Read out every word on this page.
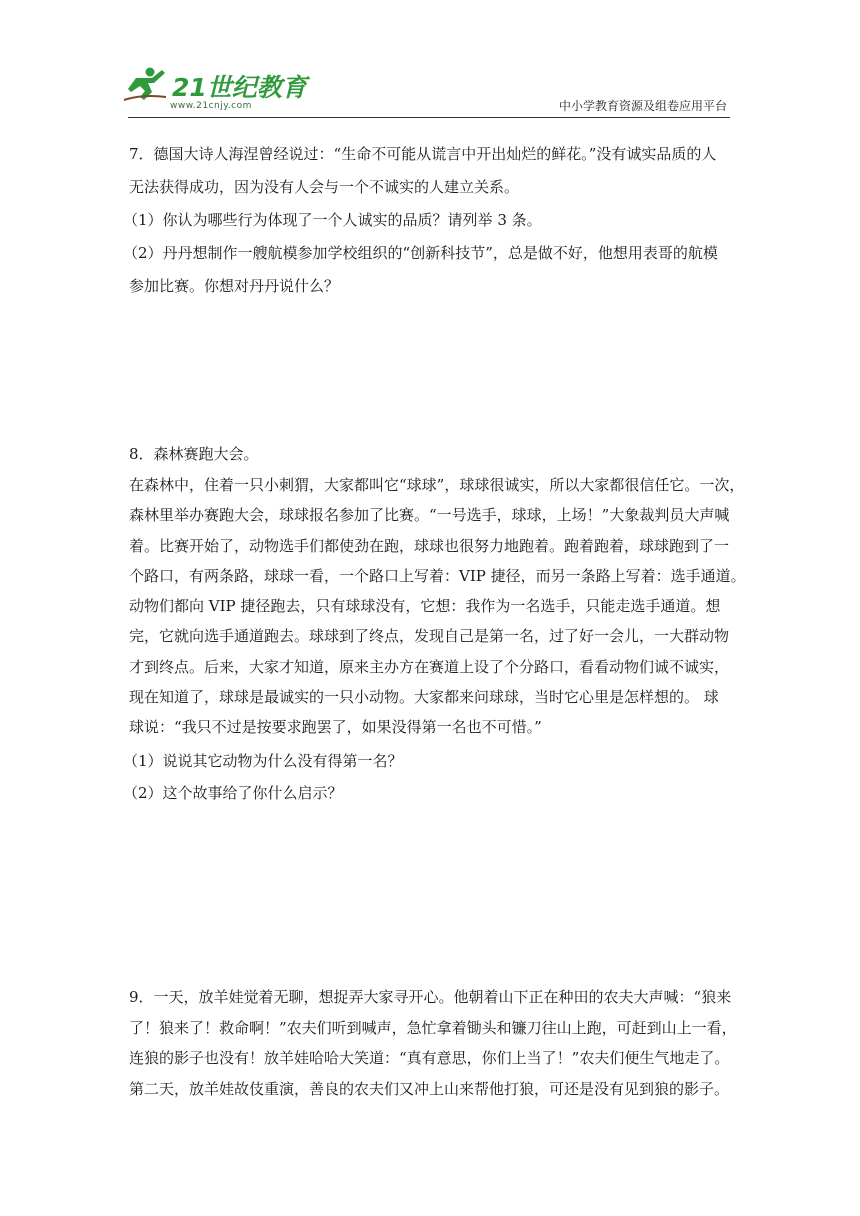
21世纪教育
www.21cnjy.com	中小学教育资源及组卷应用平台
7．德国大诗人海涅曾经说过：“生命不可能从谎言中开出灿烂的鲜花。”没有诚实品质的人
无法获得成功，因为没有人会与一个不诚实的人建立关系。
（1）你认为哪些行为体现了一个人诚实的品质？请列举 3 条。
（2）丹丹想制作一艘航模参加学校组织的“创新科技节”，总是做不好，他想用表哥的航模
参加比赛。你想对丹丹说什么？
8．森林赛跑大会。
在森林中，住着一只小刺猬，大家都叫它“球球”，球球很诚实，所以大家都很信任它。一次，
森林里举办赛跑大会，球球报名参加了比赛。“一号选手，球球，上场！”大象裁判员大声喊
着。比赛开始了，动物选手们都使劲在跑，球球也很努力地跑着。跑着跑着，球球跑到了一
个路口，有两条路，球球一看，一个路口上写着：VIP 捷径，而另一条路上写着：选手通道。
动物们都向 VIP 捷径跑去，只有球球没有，它想：我作为一名选手，只能走选手通道。想
完，它就向选手通道跑去。球球到了终点，发现自己是第一名，过了好一会儿，一大群动物
才到终点。后来，大家才知道，原来主办方在赛道上设了个分路口，看看动物们诚不诚实，
现在知道了，球球是最诚实的一只小动物。大家都来问球球，当时它心里是怎样想的。 球
球说：“我只不过是按要求跑罢了，如果没得第一名也不可惜。”
（1）说说其它动物为什么没有得第一名？
（2）这个故事给了你什么启示？
9．一天，放羊娃觉着无聊，想捉弄大家寻开心。他朝着山下正在种田的农夫大声喊：“狼来
了！狼来了！救命啊！”农夫们听到喊声，急忙拿着锄头和镰刀往山上跑，可赶到山上一看，
连狼的影子也没有！放羊娃哈哈大笑道：“真有意思，你们上当了！”农夫们便生气地走了。
第二天，放羊娃故伎重演，善良的农夫们又冲上山来帮他打狼，可还是没有见到狼的影子。
